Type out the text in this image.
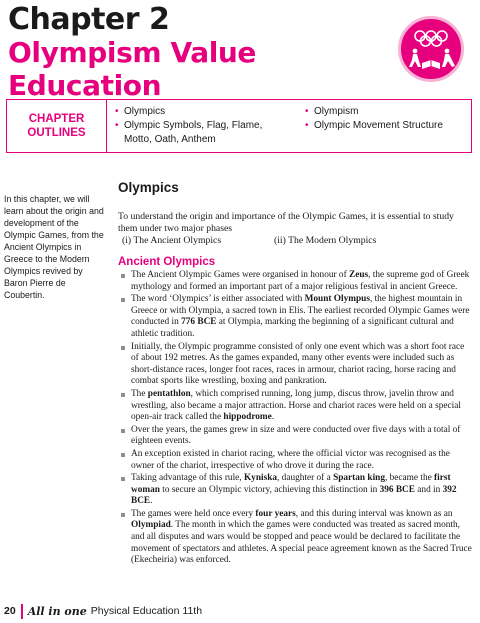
Chapter 2
Olympism Value
Education
CHAPTER
OUTLINES
• Olympics
• Olympic Symbols, Flag, Flame, Motto, Oath, Anthem
• Olympism
• Olympic Movement Structure
In this chapter, we will learn about the origin and development of the Olympic Games, from the Ancient Olympics in Greece to the Modern Olympics revived by Baron Pierre de Coubertin.
Olympics

To understand the origin and importance of the Olympic Games, it is essential to study them under two major phases

(i) The Ancient Olympics	(ii) The Modern Olympics
Ancient Olympics
The Ancient Olympic Games were organised in honour of Zeus, the supreme god of Greek mythology and formed an important part of a major religious festival in ancient Greece.
The word ‘Olympics’ is either associated with Mount Olympus, the highest mountain in Greece or with Olympia, a sacred town in Elis. The earliest recorded Olympic Games were conducted in 776 BCE at Olympia, marking the beginning of a significant cultural and athletic tradition.
Initially, the Olympic programme consisted of only one event which was a short foot race of about 192 metres. As the games expanded, many other events were included such as short-distance races, longer foot races, races in armour, chariot racing, horse racing and combat sports like wrestling, boxing and pankration.
The pentathlon, which comprised running, long jump, discus throw, javelin throw and wrestling, also became a major attraction. Horse and chariot races were held on a special open-air track called the hippodrome.
Over the years, the games grew in size and were conducted over five days with a total of eighteen events.
An exception existed in chariot racing, where the official victor was recognised as the owner of the chariot, irrespective of who drove it during the race.
Taking advantage of this rule, Kyniska, daughter of a Spartan king, became the first woman to secure an Olympic victory, achieving this distinction in 396 BCE and in 392 BCE.
The games were held once every four years, and this during interval was known as an Olympiad. The month in which the games were conducted was treated as sacred month, and all disputes and wars would be stopped and peace would be declared to facilitate the movement of spectators and athletes. A special peace agreement known as the Sacred Truce (Ekecheiria) was enforced.
20 All in one Physical Education 11th
